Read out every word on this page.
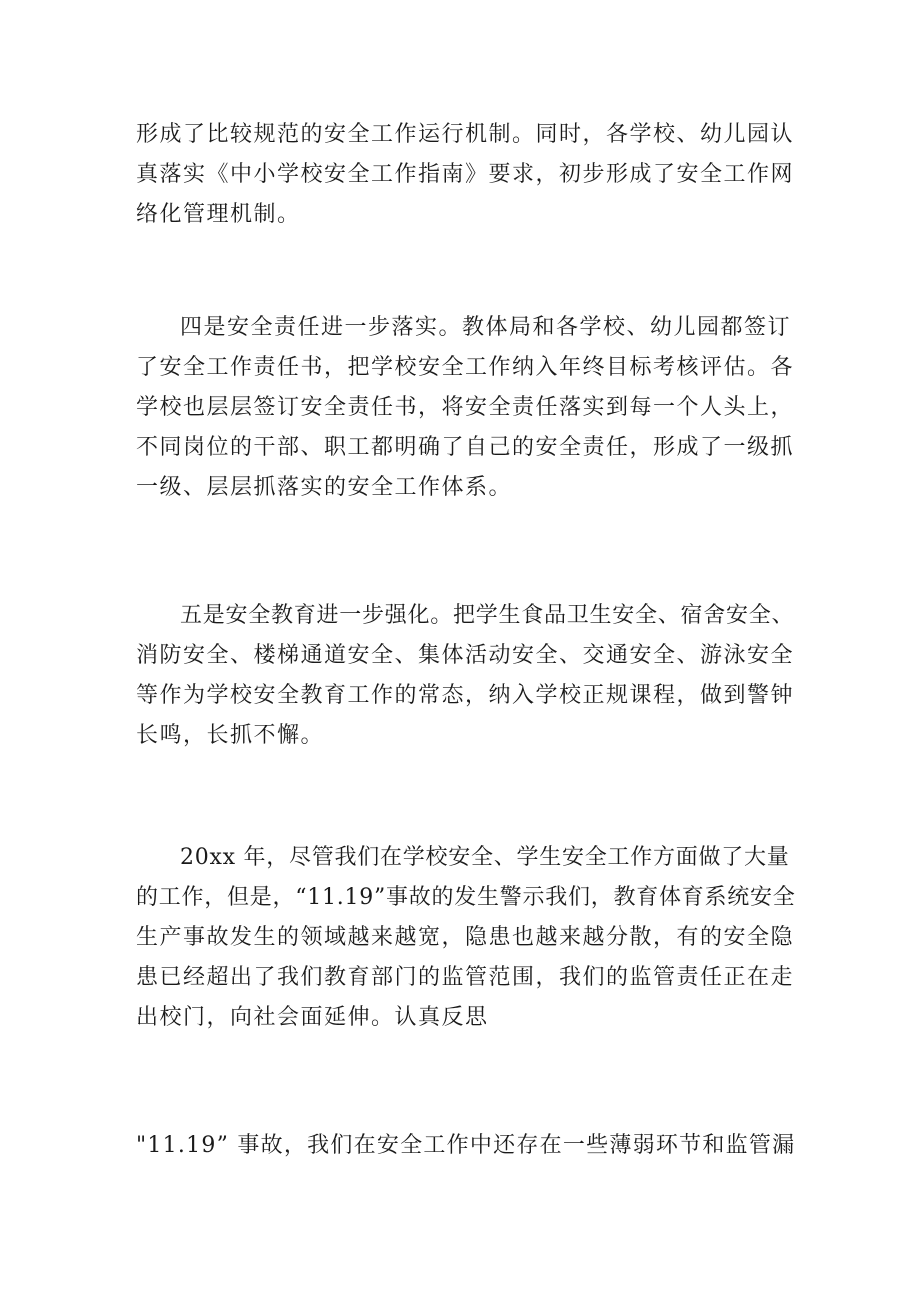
形成了比较规范的安全工作运行机制。同时，各学校、幼儿园认
真落实《中小学校安全工作指南》要求，初步形成了安全工作网
络化管理机制。
四是安全责任进一步落实。教体局和各学校、幼儿园都签订
了安全工作责任书，把学校安全工作纳入年终目标考核评估。各
学校也层层签订安全责任书，将安全责任落实到每一个人头上，
不同岗位的干部、职工都明确了自己的安全责任，形成了一级抓
一级、层层抓落实的安全工作体系。
五是安全教育进一步强化。把学生食品卫生安全、宿舍安全、
消防安全、楼梯通道安全、集体活动安全、交通安全、游泳安全
等作为学校安全教育工作的常态，纳入学校正规课程，做到警钟
长鸣，长抓不懈。
20xx 年，尽管我们在学校安全、学生安全工作方面做了大量
的工作，但是，“11.19”事故的发生警示我们，教育体育系统安全
生产事故发生的领域越来越宽，隐患也越来越分散，有的安全隐
患已经超出了我们教育部门的监管范围，我们的监管责任正在走
出校门，向社会面延伸。认真反思
"11.19” 事故，我们在安全工作中还存在一些薄弱环节和监管漏
